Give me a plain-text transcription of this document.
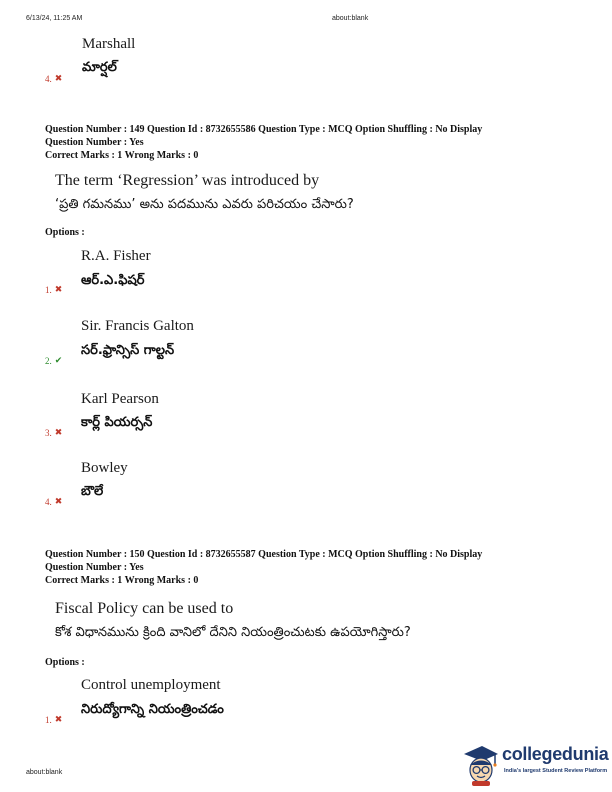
6/13/24, 11:25 AM	about:blank
Marshall
మార్షల్
4. ✖
Question Number : 149 Question Id : 8732655586 Question Type : MCQ Option Shuffling : No Display
Question Number : Yes
Correct Marks : 1 Wrong Marks : 0
The term ‘Regression’ was introduced by
‘ప్రతి గమనము’ అను పదమును ఎవరు పరిచయం చేసారు?
Options :
R.A. Fisher
ఆర్.ఎ.ఫిషర్
1. ✖
Sir. Francis Galton
సర్.ఫ్రాన్సిస్ గాల్టన్
2. ✔
Karl Pearson
కార్ల్ పియర్సన్
3. ✖
Bowley
బౌలే
4. ✖
Question Number : 150 Question Id : 8732655587 Question Type : MCQ Option Shuffling : No Display
Question Number : Yes
Correct Marks : 1 Wrong Marks : 0
Fiscal Policy can be used to
కోశ విధానమును క్రింది వానిలో దేనిని నియంత్రించుటకు ఉపయోగిస్తారు?
Options :
Control unemployment
నిరుద్యోగాన్ని నియంత్రించడం
1. ✖
about:blank
collegedunia
India's largest Student Review Platform
